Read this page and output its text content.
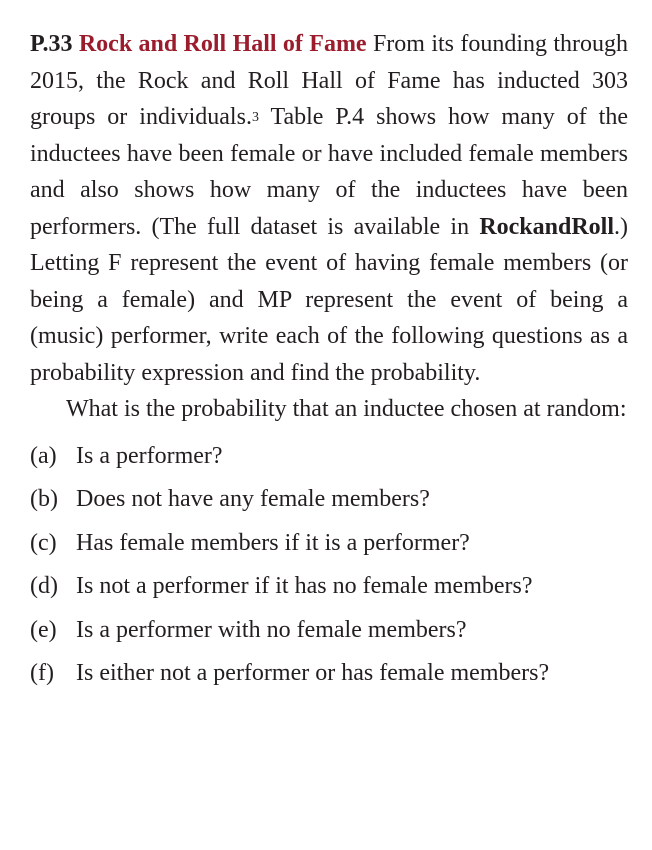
P.33 Rock and Roll Hall of Fame From its founding through 2015, the Rock and Roll Hall of Fame has inducted 303 groups or individuals.$^3$ Table P.4 shows how many of the inductees have been female or have included female members and also shows how many of the inductees have been performers. (The full dataset is available in RockandRoll.) Letting F represent the event of having female members (or being a female) and MP represent the event of being a (music) performer, write each of the following questions as a probability expression and find the probability.

What is the probability that an inductee chosen at random:

(a) Is a performer?
(b) Does not have any female members?
(c) Has female members if it is a performer?
(d) Is not a performer if it has no female members?
(e) Is a performer with no female members?
(f) Is either not a performer or has female members?
